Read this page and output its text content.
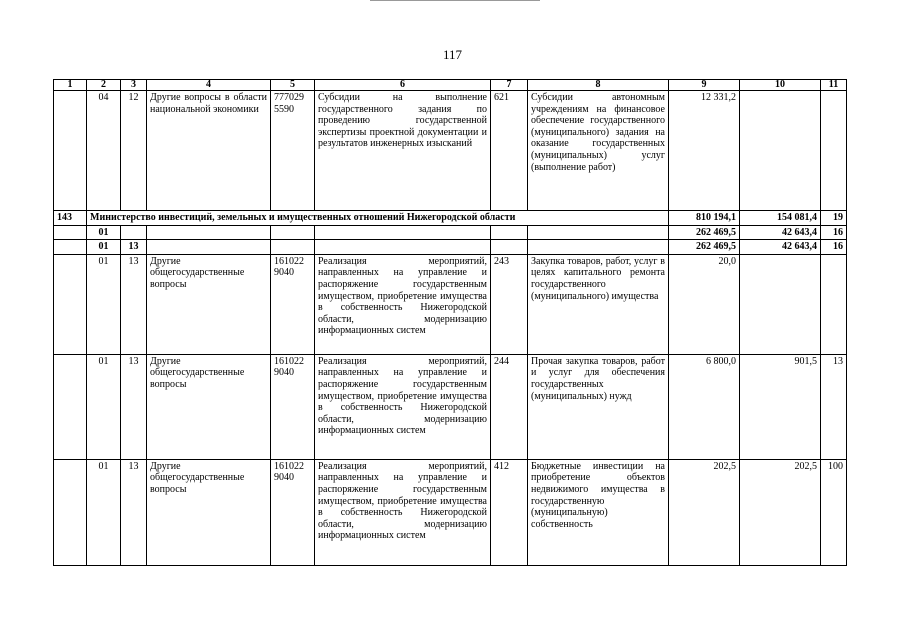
117
1	2	3	4	5	6	7	8	9	10	11
	04	12	Другие вопросы в области национальной экономики	777029 5590	Субсидии на выполнение государственного задания по проведению государственной экспертизы проектной документации и результатов инженерных изысканий	621	Субсидии автономным учреждениям на финансовое обеспечение государственного (муниципального) задания на оказание государственных (муниципальных) услуг (выполнение работ)	12 331,2		
143	Министерство инвестиций, земельных и имущественных отношений Нижегородской области							810 194,1	154 081,4	19
	01							262 469,5	42 643,4	16
	01	13						262 469,5	42 643,4	16
	01	13	Другие общегосударственные вопросы	161022 9040	Реализация мероприятий, направленных на управление и распоряжение государственным имуществом, приобретение имущества в собственность Нижегородской области, модернизацию информационных систем	243	Закупка товаров, работ, услуг в целях капитального ремонта государственного (муниципального) имущества	20,0		
	01	13	Другие общегосударственные вопросы	161022 9040	Реализация мероприятий, направленных на управление и распоряжение государственным имуществом, приобретение имущества в собственность Нижегородской области, модернизацию информационных систем	244	Прочая закупка товаров, работ и услуг для обеспечения государственных (муниципальных) нужд	6 800,0	901,5	13
	01	13	Другие общегосударственные вопросы	161022 9040	Реализация мероприятий, направленных на управление и распоряжение государственным имуществом, приобретение имущества в собственность Нижегородской области, модернизацию информационных систем	412	Бюджетные инвестиции на приобретение объектов недвижимого имущества в государственную (муниципальную) собственность	202,5	202,5	100
